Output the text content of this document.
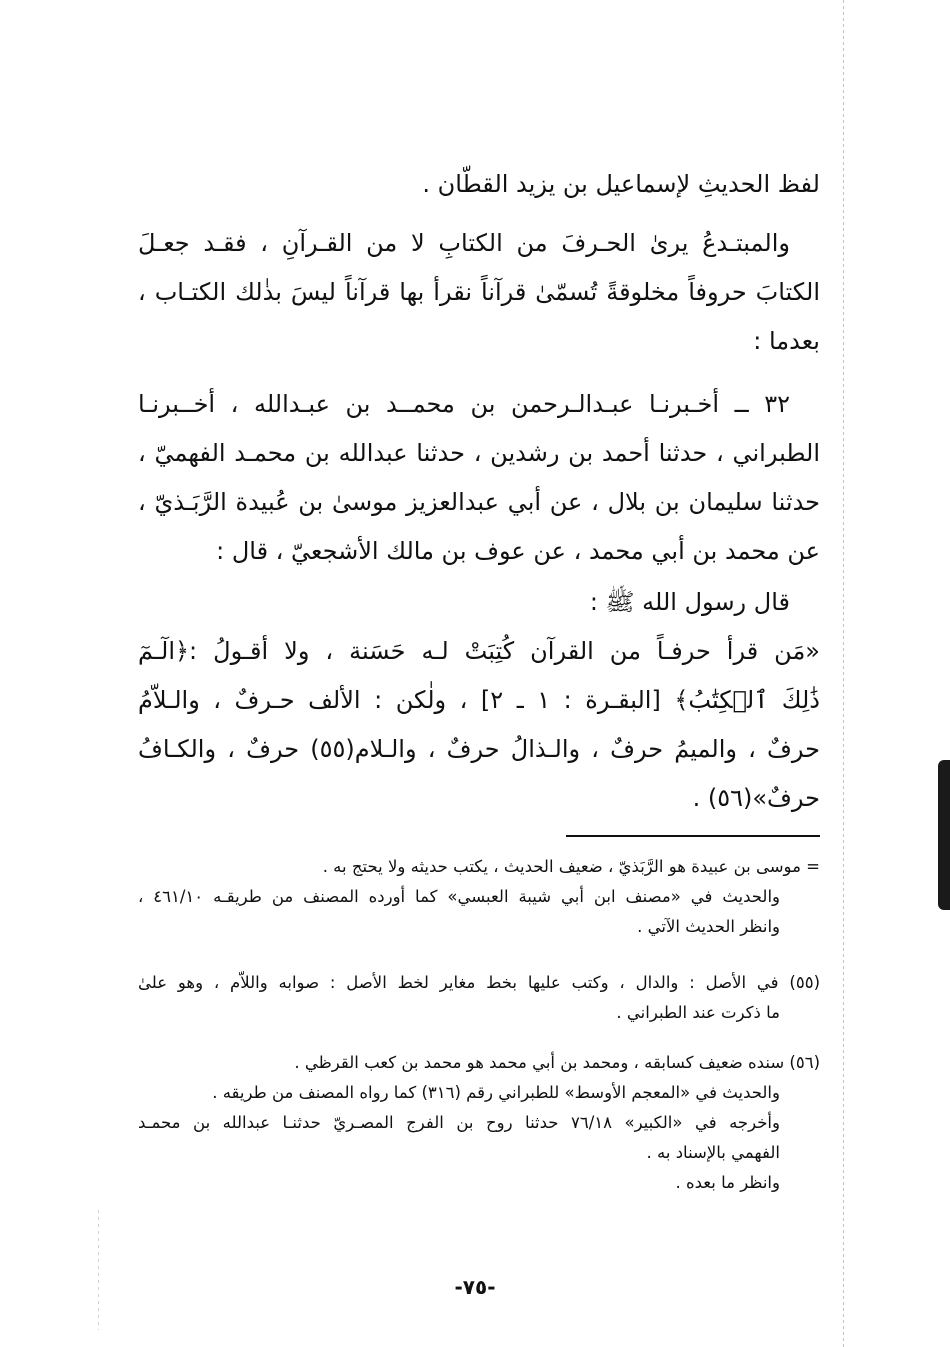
لفظ الحديثِ لإسماعيل بن يزيد القطّان .
والمبتـدعُ يرىٰ الحـرفَ من الكتابِ لا من القـرآنِ ، فقـد جعـلَ
الكتابَ حروفاً مخلوقةً تُسمّىٰ قرآناً نقرأ بها قرآناً ليسَ بذٰلك الكتـاب ،
بعدما :
٣٢ ــ أخـبرنـا عبـدالـرحمن بن محمــد بن عبـدالله ، أخــبرنـا
الطبراني ، حدثنا أحمد بن رشدين ، حدثنا عبدالله بن محمـد الفهميّ ،
حدثنا سليمان بن بلال ، عن أبي عبدالعزيز موسىٰ بن عُبيدة الرَّبَـذيّ ،
عن محمد بن أبي محمد ، عن عوف بن مالك الأشجعيّ ، قال :
قال رسول الله ﷺ :
«مَن قرأ حرفـاً من القرآن كُتِبَتْ لـه حَسَنة ، ولا أقـولُ :﴿الٓـمٓ
ذَٰلِكَ ٱلۡكِتَٰبُ﴾ [البقـرة : ١ ـ ٢] ، ولٰكن : الألف حـرفٌ ، والـلاّمُ
حرفٌ ، والميمُ حرفٌ ، والـذالُ حرفٌ ، والـلام(٥٥) حرفٌ ، والكـافُ
حرفٌ»(٥٦) .
= موسى بن عبيدة هو الرَّبَذيّ ، ضعيف الحديث ، يكتب حديثه ولا يحتج به .
والحديث في «مصنف ابن أبي شيبة العبسي» كما أورده المصنف من طريقـه ٤٦١/١٠ ،
وانظر الحديث الآتي .
(٥٥) في الأصل : والدال ، وكتب عليها بخط مغاير لخط الأصل : صوابه واللاّم ، وهو علىٰ
ما ذكرت عند الطبراني .
(٥٦) سنده ضعيف كسابقه ، ومحمد بن أبي محمد هو محمد بن كعب القرظي .
والحديث في «المعجم الأوسط» للطبراني رقم (٣١٦) كما رواه المصنف من طريقه .
وأخرجه في «الكبير» ٧٦/١٨ حدثنا روح بن الفرج المصـريّ حدثنـا عبدالله بن محمـد
الفهمي بالإسناد به .
وانظر ما بعده .
-٧٥-
